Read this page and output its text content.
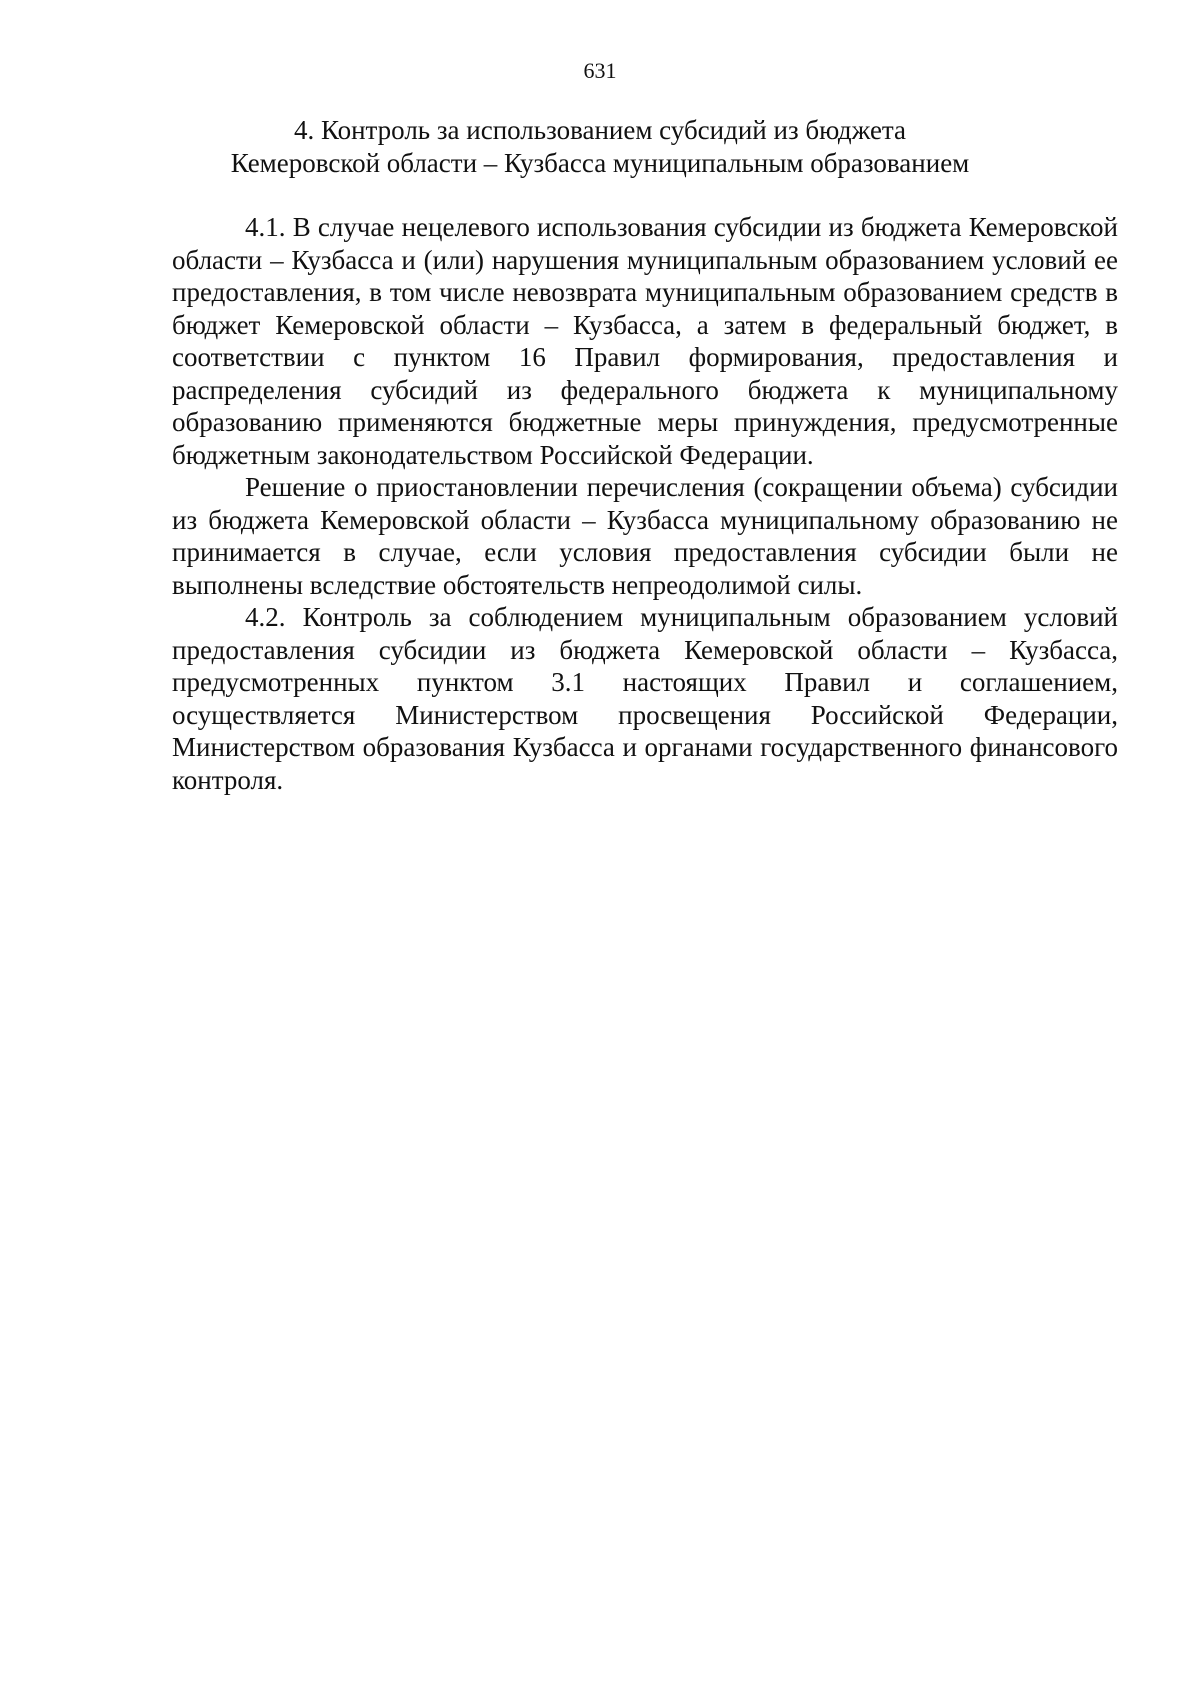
631
4. Контроль за использованием субсидий из бюджета
Кемеровской области – Кузбасса муниципальным образованием

4.1. В случае нецелевого использования субсидии из бюджета Кемеровской области – Кузбасса и (или) нарушения муниципальным образованием условий ее предоставления, в том числе невозврата муниципальным образованием средств в бюджет Кемеровской области – Кузбасса, а затем в федеральный бюджет, в соответствии с пунктом 16 Правил формирования, предоставления и распределения субсидий из федерального бюджета к муниципальному образованию применяются бюджетные меры принуждения, предусмотренные бюджетным законодательством Российской Федерации.

Решение о приостановлении перечисления (сокращении объема) субсидии из бюджета Кемеровской области – Кузбасса муниципальному образованию не принимается в случае, если условия предоставления субсидии были не выполнены вследствие обстоятельств непреодолимой силы.

4.2. Контроль за соблюдением муниципальным образованием условий предоставления субсидии из бюджета Кемеровской области – Кузбасса, предусмотренных пунктом 3.1 настоящих Правил и соглашением, осуществляется Министерством просвещения Российской Федерации, Министерством образования Кузбасса и органами государственного финансового контроля.
